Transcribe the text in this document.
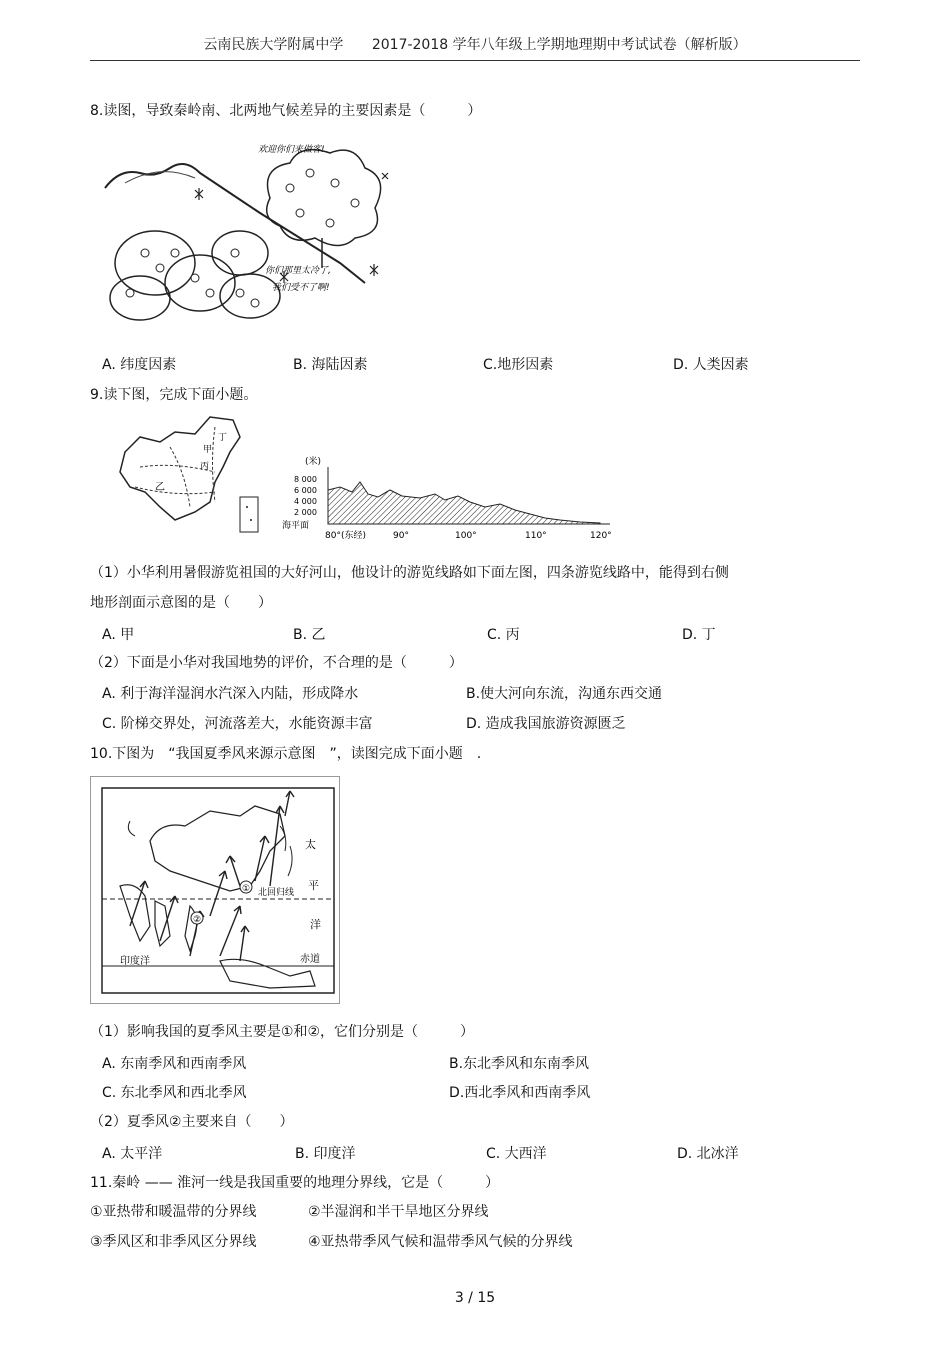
云南民族大学附属中学 2017-2018 学年八年级上学期地理期中考试试卷（解析版）
8.读图，导致秦岭南、北两地气候差异的主要因素是（　　　）
欢迎你们来做客!
你们那里太冷了,
我们受不了啊!
A. 纬度因素	B. 海陆因素	C.地形因素	D. 人类因素
9.读下图，完成下面小题。
甲
乙
丙
丁
(米)
8 000
6 000
4 000
2 000
海平面
80°(东经)	90°	100°	110°	120°
（1）小华利用暑假游览祖国的大好河山，他设计的游览线路如下面左图，四条游览线路中，能得到右侧
地形剖面示意图的是（　　）
A. 甲	B. 乙	C. 丙	D. 丁
（2）下面是小华对我国地势的评价，不合理的是（　　　）
A. 利于海洋湿润水汽深入内陆，形成降水	B.使大河向东流，沟通东西交通
C. 阶梯交界处，河流落差大，水能资源丰富	D. 造成我国旅游资源匮乏
10.下图为　“我国夏季风来源示意图　”，读图完成下面小题　.
①
②
北回归线
太
平
洋
印度洋	赤道
（1）影响我国的夏季风主要是①和②，它们分别是（　　　）
A. 东南季风和西南季风	B.东北季风和东南季风
C. 东北季风和西北季风	D.西北季风和西南季风
（2）夏季风②主要来自（　　）
A. 太平洋	B. 印度洋	C. 大西洋	D. 北冰洋
11.秦岭 —— 淮河一线是我国重要的地理分界线，它是（　　　）
①亚热带和暖温带的分界线	②半湿润和半干旱地区分界线
③季风区和非季风区分界线	④亚热带季风气候和温带季风气候的分界线
3 / 15
